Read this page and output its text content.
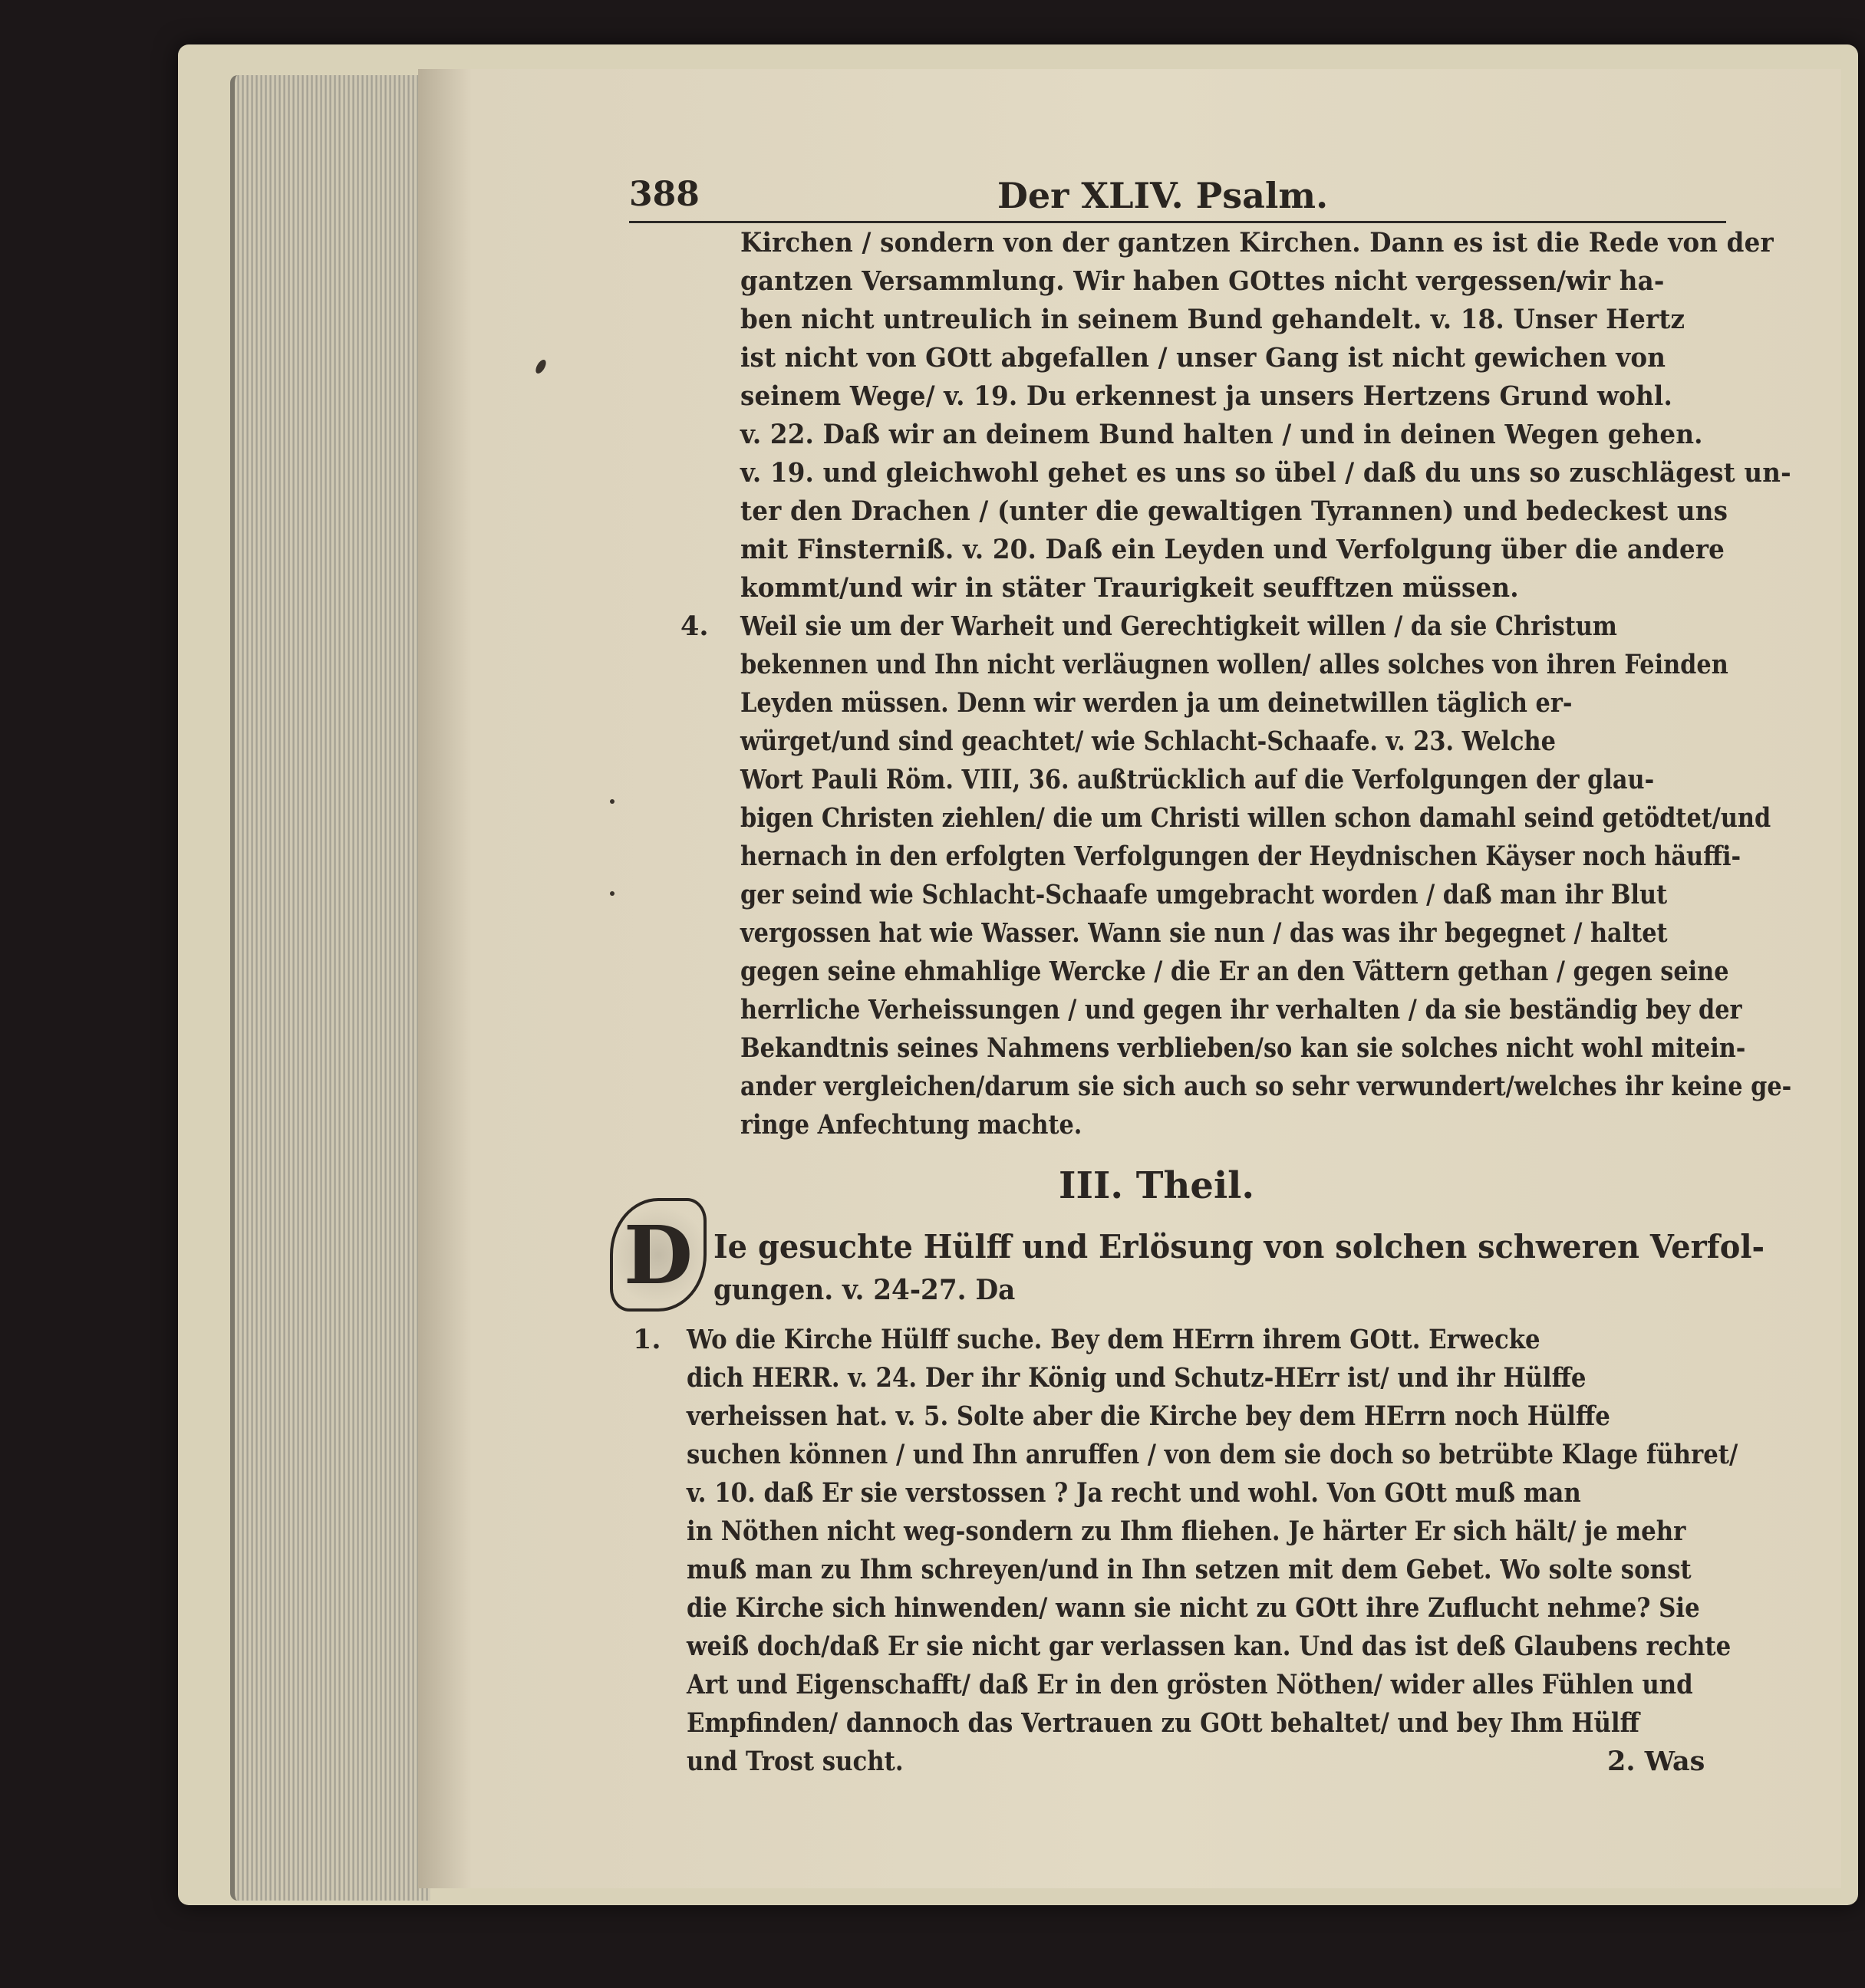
388	Der XLIV. Psalm.
Kirchen / sondern von der gantzen Kirchen. Dann es ist die Rede von der
gantzen Versammlung. Wir haben GOttes nicht vergessen/wir ha-
ben nicht untreulich in seinem Bund gehandelt. v. 18. Unser Hertz
ist nicht von GOtt abgefallen / unser Gang ist nicht gewichen von
seinem Wege/ v. 19. Du erkennest ja unsers Hertzens Grund wohl.
v. 22. Daß wir an deinem Bund halten / und in deinen Wegen gehen.
v. 19. und gleichwohl gehet es uns so übel / daß du uns so zuschlägest un-
ter den Drachen / (unter die gewaltigen Tyrannen) und bedeckest uns
mit Finsterniß. v. 20. Daß ein Leyden und Verfolgung über die andere
kommt/und wir in stäter Traurigkeit seufftzen müssen.
4. Weil sie um der Warheit und Gerechtigkeit willen / da sie Christum
bekennen und Ihn nicht verläugnen wollen/ alles solches von ihren Feinden
Leyden müssen. Denn wir werden ja um deinetwillen täglich er-
würget/und sind geachtet/ wie Schlacht-Schaafe. v. 23. Welche
Wort Pauli Röm. VIII, 36. außtrücklich auf die Verfolgungen der glau-
bigen Christen ziehlen/ die um Christi willen schon damahl seind getödtet/und
hernach in den erfolgten Verfolgungen der Heydnischen Käyser noch häuffi-
ger seind wie Schlacht-Schaafe umgebracht worden / daß man ihr Blut
vergossen hat wie Wasser. Wann sie nun / das was ihr begegnet / haltet
gegen seine ehmahlige Wercke / die Er an den Vättern gethan / gegen seine
herrliche Verheissungen / und gegen ihr verhalten / da sie beständig bey der
Bekandtnis seines Nahmens verblieben/so kan sie solches nicht wohl mitein-
ander vergleichen/darum sie sich auch so sehr verwundert/welches ihr keine ge-
ringe Anfechtung machte.
III. Theil.
D Ie gesuchte Hülff und Erlösung von solchen schweren Verfol-
gungen. v. 24-27. Da
1. Wo die Kirche Hülff suche. Bey dem HErrn ihrem GOtt. Erwecke
dich HERR. v. 24. Der ihr König und Schutz-HErr ist/ und ihr Hülffe
verheissen hat. v. 5. Solte aber die Kirche bey dem HErrn noch Hülffe
suchen können / und Ihn anruffen / von dem sie doch so betrübte Klage führet/
v. 10. daß Er sie verstossen ? Ja recht und wohl. Von GOtt muß man
in Nöthen nicht weg-sondern zu Ihm fliehen. Je härter Er sich hält/ je mehr
muß man zu Ihm schreyen/und in Ihn setzen mit dem Gebet. Wo solte sonst
die Kirche sich hinwenden/ wann sie nicht zu GOtt ihre Zuflucht nehme? Sie
weiß doch/daß Er sie nicht gar verlassen kan. Und das ist deß Glaubens rechte
Art und Eigenschafft/ daß Er in den grösten Nöthen/ wider alles Fühlen und
Empfinden/ dannoch das Vertrauen zu GOtt behaltet/ und bey Ihm Hülff
und Trost sucht.	2. Was
